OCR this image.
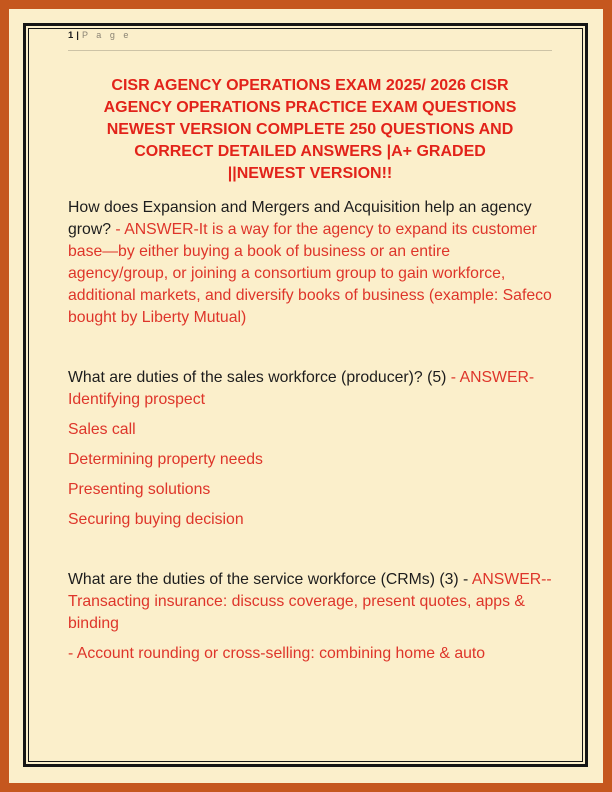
1 | P a g e
CISR AGENCY OPERATIONS EXAM 2025/ 2026 CISR
AGENCY OPERATIONS PRACTICE EXAM QUESTIONS
NEWEST VERSION COMPLETE 250 QUESTIONS AND
CORRECT DETAILED ANSWERS |A+ GRADED
||NEWEST VERSION!!

How does Expansion and Mergers and Acquisition help an agency grow? - ANSWER-It is a way for the agency to expand its customer base—by either buying a book of business or an entire agency/group, or joining a consortium group to gain workforce, additional markets, and diversify books of business (example: Safeco bought by Liberty Mutual)

What are duties of the sales workforce (producer)? (5) - ANSWER-Identifying prospect

Sales call

Determining property needs

Presenting solutions

Securing buying decision

What are the duties of the service workforce (CRMs) (3) - ANSWER-- Transacting insurance: discuss coverage, present quotes, apps & binding

- Account rounding or cross-selling: combining home & auto
